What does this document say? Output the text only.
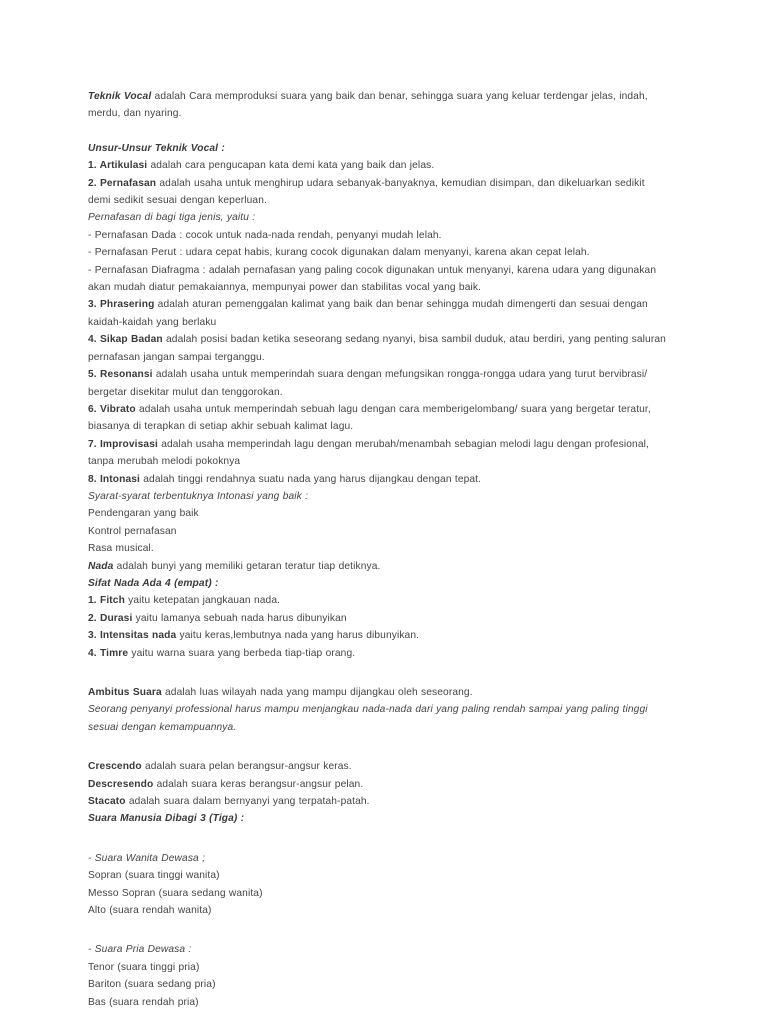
Teknik Vocal adalah Cara memproduksi suara yang baik dan benar, sehingga suara yang keluar terdengar jelas, indah, merdu, dan nyaring.

Unsur-Unsur Teknik Vocal :

1. Artikulasi adalah cara pengucapan kata demi kata yang baik dan jelas.

2. Pernafasan adalah usaha untuk menghirup udara sebanyak-banyaknya, kemudian disimpan, dan dikeluarkan sedikit demi sedikit sesuai dengan keperluan.

Pernafasan di bagi tiga jenis, yaitu :

- Pernafasan Dada : cocok untuk nada-nada rendah, penyanyi mudah lelah.

- Pernafasan Perut : udara cepat habis, kurang cocok digunakan dalam menyanyi, karena akan cepat lelah.

- Pernafasan Diafragma : adalah pernafasan yang paling cocok digunakan untuk menyanyi, karena udara yang digunakan akan mudah diatur pemakaiannya, mempunyai power dan stabilitas vocal yang baik.

3. Phrasering adalah aturan pemenggalan kalimat yang baik dan benar sehingga mudah dimengerti dan sesuai dengan kaidah-kaidah yang berlaku

4. Sikap Badan adalah posisi badan ketika seseorang sedang nyanyi, bisa sambil duduk, atau berdiri, yang penting saluran pernafasan jangan sampai terganggu.

5. Resonansi adalah usaha untuk memperindah suara dengan mefungsikan rongga-rongga udara yang turut bervibrasi/ bergetar disekitar mulut dan tenggorokan.

6. Vibrato adalah usaha untuk memperindah sebuah lagu dengan cara memberigelombang/ suara yang bergetar teratur, biasanya di terapkan di setiap akhir sebuah kalimat lagu.

7. Improvisasi adalah usaha memperindah lagu dengan merubah/menambah sebagian melodi lagu dengan profesional, tanpa merubah melodi pokoknya

8. Intonasi adalah tinggi rendahnya suatu nada yang harus dijangkau dengan tepat.

Syarat-syarat terbentuknya Intonasi yang baik :

Pendengaran yang baik

Kontrol pernafasan

Rasa musical.

Nada adalah bunyi yang memiliki getaran teratur tiap detiknya.

Sifat Nada Ada 4 (empat) :

1. Fitch yaitu ketepatan jangkauan nada.

2. Durasi yaitu lamanya sebuah nada harus dibunyikan

3. Intensitas nada yaitu keras,lembutnya nada yang harus dibunyikan.

4. Timre yaitu warna suara yang berbeda tiap-tiap orang.

Ambitus Suara adalah luas wilayah nada yang mampu dijangkau oleh seseorang.

Seorang penyanyi professional harus mampu menjangkau nada-nada dari yang paling rendah sampai yang paling tinggi sesuai dengan kemampuannya.

Crescendo adalah suara pelan berangsur-angsur keras.

Descresendo adalah suara keras berangsur-angsur pelan.

Stacato adalah suara dalam bernyanyi yang terpatah-patah.

Suara Manusia Dibagi 3 (Tiga) :

- Suara Wanita Dewasa ;

Sopran (suara tinggi wanita)

Messo Sopran (suara sedang wanita)

Alto (suara rendah wanita)

- Suara Pria Dewasa :

Tenor (suara tinggi pria)

Bariton (suara sedang pria)

Bas (suara rendah pria)
